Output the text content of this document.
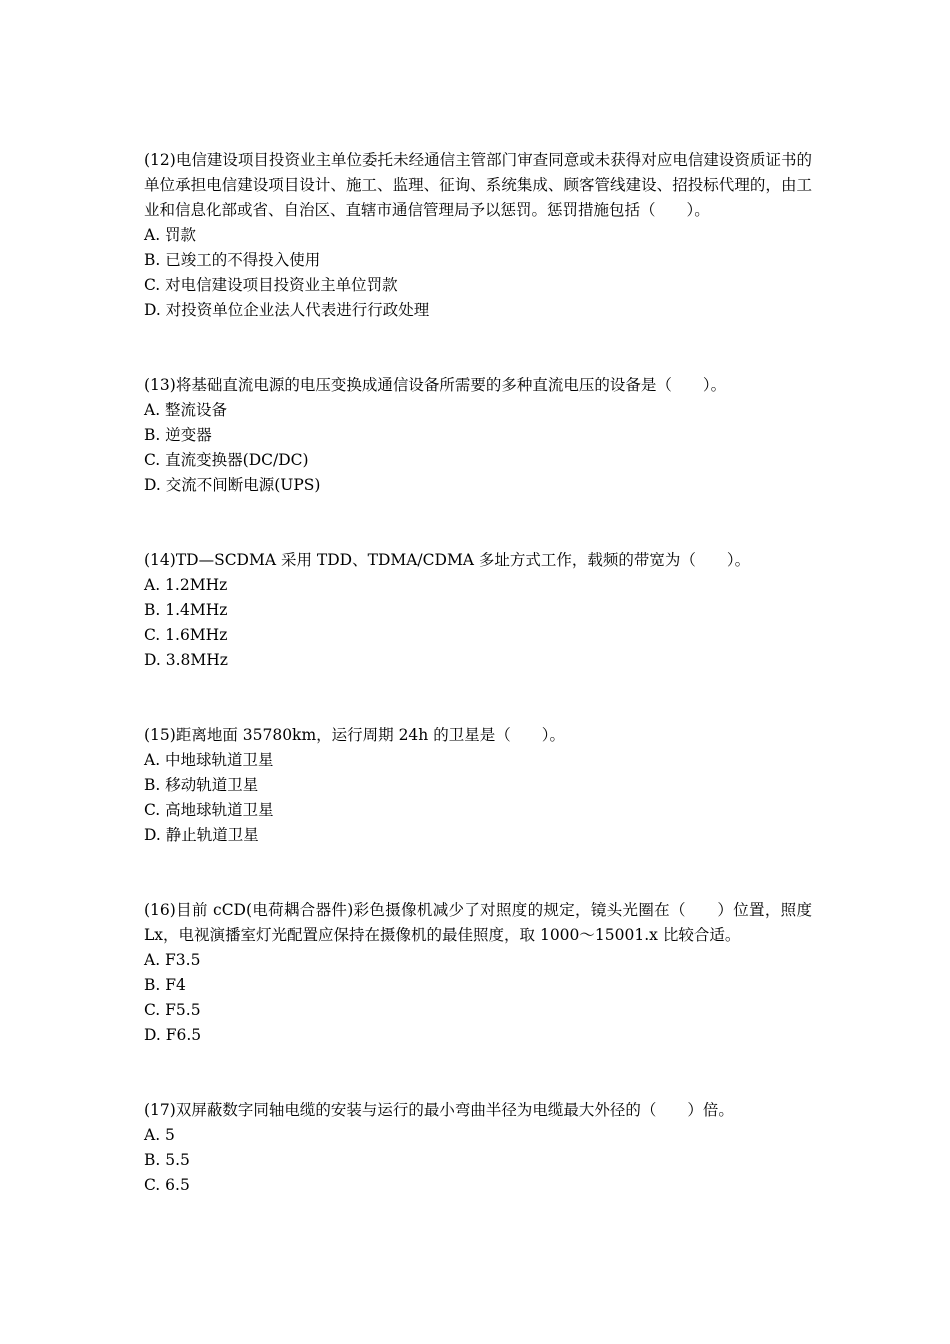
(12)电信建设项目投资业主单位委托未经通信主管部门审查同意或未获得对应电信建设资质证书的单位承担电信建设项目设计、施工、监理、征询、系统集成、顾客管线建设、招投标代理的，由工业和信息化部或省、自治区、直辖市通信管理局予以惩罚。惩罚措施包括（　　）。

A. 罚款

B. 已竣工的不得投入使用

C. 对电信建设项目投资业主单位罚款

D. 对投资单位企业法人代表进行行政处理

(13)将基础直流电源的电压变换成通信设备所需要的多种直流电压的设备是（　　）。

A. 整流设备

B. 逆变器

C. 直流变换器(DC/DC)

D. 交流不间断电源(UPS)

(14)TD—SCDMA 采用 TDD、TDMA/CDMA 多址方式工作，载频的带宽为（　　）。

A. 1.2MHz

B. 1.4MHz

C. 1.6MHz

D. 3.8MHz

(15)距离地面 35780km，运行周期 24h 的卫星是（　　）。

A. 中地球轨道卫星

B. 移动轨道卫星

C. 高地球轨道卫星

D. 静止轨道卫星

(16)目前 cCD(电荷耦合器件)彩色摄像机减少了对照度的规定，镜头光圈在（　　）位置，照度 Lx，电视演播室灯光配置应保持在摄像机的最佳照度，取 1000～15001.x 比较合适。

A. F3.5

B. F4

C. F5.5

D. F6.5

(17)双屏蔽数字同轴电缆的安装与运行的最小弯曲半径为电缆最大外径的（　　）倍。

A. 5

B. 5.5

C. 6.5
